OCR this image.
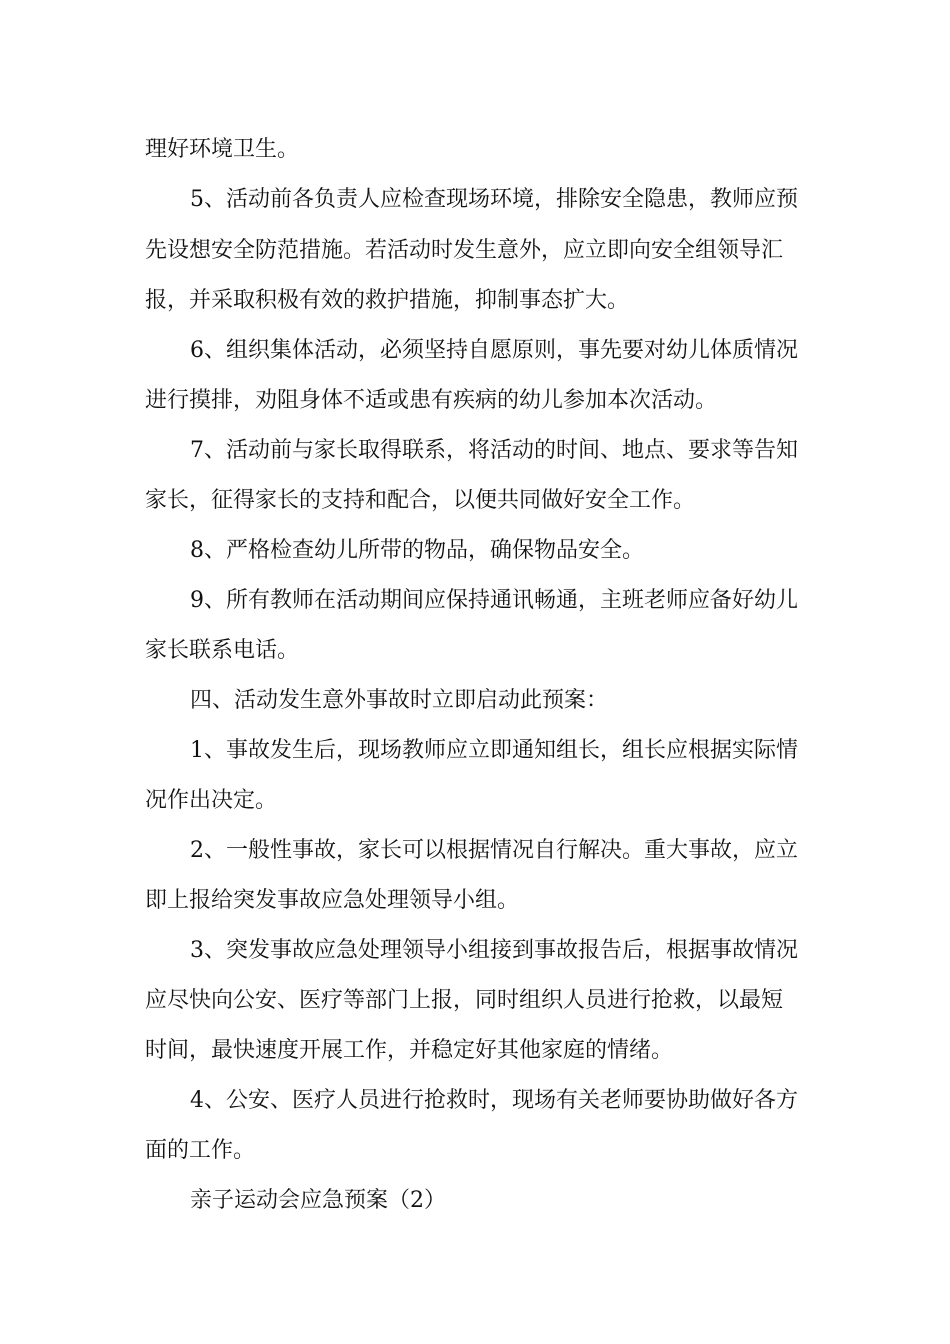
理好环境卫生。
5、活动前各负责人应检查现场环境，排除安全隐患，教师应预
先设想安全防范措施。若活动时发生意外，应立即向安全组领导汇
报，并采取积极有效的救护措施，抑制事态扩大。
6、组织集体活动，必须坚持自愿原则，事先要对幼儿体质情况
进行摸排，劝阻身体不适或患有疾病的幼儿参加本次活动。
7、活动前与家长取得联系，将活动的时间、地点、要求等告知
家长，征得家长的支持和配合，以便共同做好安全工作。
8、严格检查幼儿所带的物品，确保物品安全。
9、所有教师在活动期间应保持通讯畅通，主班老师应备好幼儿
家长联系电话。
四、活动发生意外事故时立即启动此预案：
1、事故发生后，现场教师应立即通知组长，组长应根据实际情
况作出决定。
2、一般性事故，家长可以根据情况自行解决。重大事故，应立
即上报给突发事故应急处理领导小组。
3、突发事故应急处理领导小组接到事故报告后，根据事故情况
应尽快向公安、医疗等部门上报，同时组织人员进行抢救，以最短
时间，最快速度开展工作，并稳定好其他家庭的情绪。
4、公安、医疗人员进行抢救时，现场有关老师要协助做好各方
面的工作。
亲子运动会应急预案（2）
